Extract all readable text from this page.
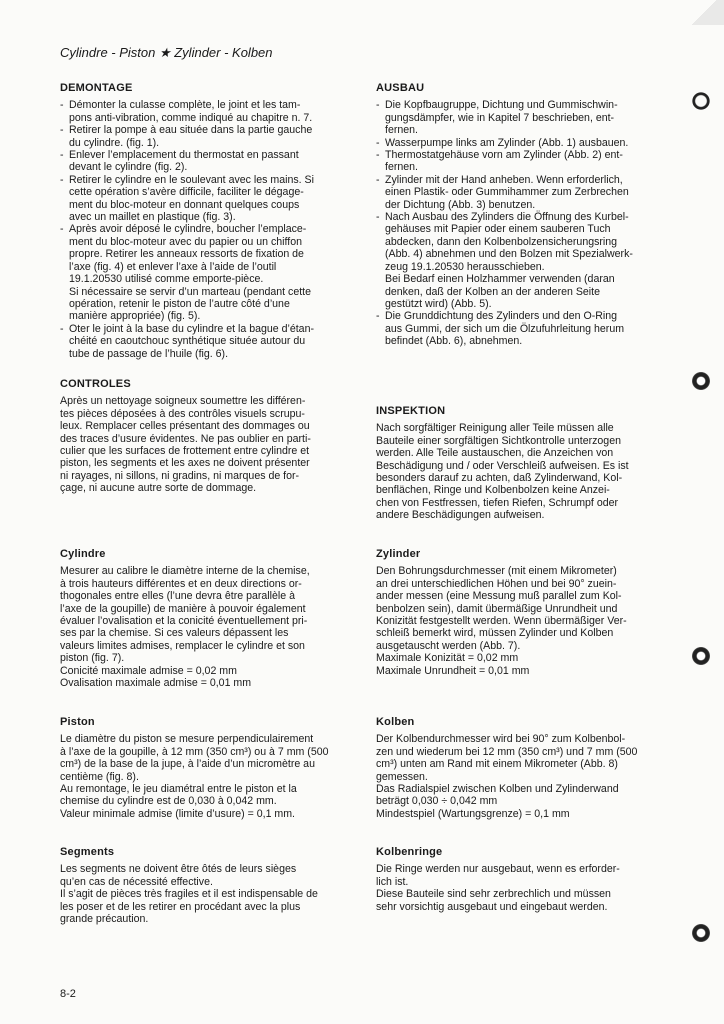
Cylindre - Piston ★ Zylinder - Kolben
DEMONTAGE
- Démonter la culasse complète, le joint et les tam-
pons anti-vibration, comme indiqué au chapitre n. 7.
- Retirer la pompe à eau située dans la partie gauche
du cylindre. (fig. 1).
- Enlever l’emplacement du thermostat en passant
devant le cylindre (fig. 2).
- Retirer le cylindre en le soulevant avec les mains. Si
cette opération s’avère difficile, faciliter le dégage-
ment du bloc-moteur en donnant quelques coups
avec un maillet en plastique (fig. 3).
- Après avoir déposé le cylindre, boucher l’emplace-
ment du bloc-moteur avec du papier ou un chiffon
propre. Retirer les anneaux ressorts de fixation de
l’axe (fig. 4) et enlever l’axe à l’aide de l’outil
19.1.20530 utilisé comme emporte-pièce.
Si nécessaire se servir d’un marteau (pendant cette
opération, retenir le piston de l’autre côté d’une
manière appropriée) (fig. 5).
- Oter le joint à la base du cylindre et la bague d’étan-
chéité en caoutchouc synthétique située autour du
tube de passage de l’huile (fig. 6).
CONTROLES

Après un nettoyage soigneux soumettre les différen-
tes pièces déposées à des contrôles visuels scrupu-
leux. Remplacer celles présentant des dommages ou
des traces d’usure évidentes. Ne pas oublier en parti-
culier que les surfaces de frottement entre cylindre et
piston, les segments et les axes ne doivent présenter
ni rayages, ni sillons, ni gradins, ni marques de for-
çage, ni aucune autre sorte de dommage.

Cylindre

Mesurer au calibre le diamètre interne de la chemise,
à trois hauteurs différentes et en deux directions or-
thogonales entre elles (l’une devra être parallèle à
l’axe de la goupille) de manière à pouvoir également
évaluer l’ovalisation et la conicité éventuellement pri-
ses par la chemise. Si ces valeurs dépassent les
valeurs limites admises, remplacer le cylindre et son
piston (fig. 7).
Conicité maximale admise = 0,02 mm
Ovalisation maximale admise = 0,01 mm

Piston

Le diamètre du piston se mesure perpendiculairement
à l’axe de la goupille, à 12 mm (350 cm³) ou à 7 mm (500
cm³) de la base de la jupe, à l’aide d’un micromètre au
centième (fig. 8).
Au remontage, le jeu diamétral entre le piston et la
chemise du cylindre est de 0,030 à 0,042 mm.
Valeur minimale admise (limite d’usure) = 0,1 mm.

Segments

Les segments ne doivent être ôtés de leurs sièges
qu’en cas de nécessité effective.
Il s’agit de pièces très fragiles et il est indispensable de
les poser et de les retirer en procédant avec la plus
grande précaution.

AUSBAU
- Die Kopfbaugruppe, Dichtung und Gummischwin-
gungsdämpfer, wie in Kapitel 7 beschrieben, ent-
fernen.
- Wasserpumpe links am Zylinder (Abb. 1) ausbauen.
- Thermostatgehäuse vorn am Zylinder (Abb. 2) ent-
fernen.
- Zylinder mit der Hand anheben. Wenn erforderlich,
einen Plastik- oder Gummihammer zum Zerbrechen
der Dichtung (Abb. 3) benutzen.
- Nach Ausbau des Zylinders die Öffnung des Kurbel-
gehäuses mit Papier oder einem sauberen Tuch
abdecken, dann den Kolbenbolzensicherungsring
(Abb. 4) abnehmen und den Bolzen mit Spezialwerk-
zeug 19.1.20530 herausschieben.
Bei Bedarf einen Holzhammer verwenden (daran
denken, daß der Kolben an der anderen Seite
gestützt wird) (Abb. 5).
- Die Grunddichtung des Zylinders und den O-Ring
aus Gummi, der sich um die Ölzufuhrleitung herum
befindet (Abb. 6), abnehmen.
INSPEKTION

Nach sorgfältiger Reinigung aller Teile müssen alle
Bauteile einer sorgfältigen Sichtkontrolle unterzogen
werden. Alle Teile austauschen, die Anzeichen von
Beschädigung und / oder Verschleiß aufweisen. Es ist
besonders darauf zu achten, daß Zylinderwand, Kol-
benflächen, Ringe und Kolbenbolzen keine Anzei-
chen von Festfressen, tiefen Riefen, Schrumpf oder
andere Beschädigungen aufweisen.

Zylinder

Den Bohrungsdurchmesser (mit einem Mikrometer)
an drei unterschiedlichen Höhen und bei 90° zuein-
ander messen (eine Messung muß parallel zum Kol-
benbolzen sein), damit übermäßige Unrundheit und
Konizität festgestellt werden. Wenn übermäßiger Ver-
schleiß bemerkt wird, müssen Zylinder und Kolben
ausgetauscht werden (Abb. 7).
Maximale Konizität = 0,02 mm
Maximale Unrundheit = 0,01 mm

Kolben

Der Kolbendurchmesser wird bei 90° zum Kolbenbol-
zen und wiederum bei 12 mm (350 cm³) und 7 mm (500
cm³) unten am Rand mit einem Mikrometer (Abb. 8)
gemessen.
Das Radialspiel zwischen Kolben und Zylinderwand
beträgt 0,030 ÷ 0,042 mm
Mindestspiel (Wartungsgrenze) = 0,1 mm

Kolbenringe

Die Ringe werden nur ausgebaut, wenn es erforder-
lich ist.
Diese Bauteile sind sehr zerbrechlich und müssen
sehr vorsichtig ausgebaut und eingebaut werden.

8-2
